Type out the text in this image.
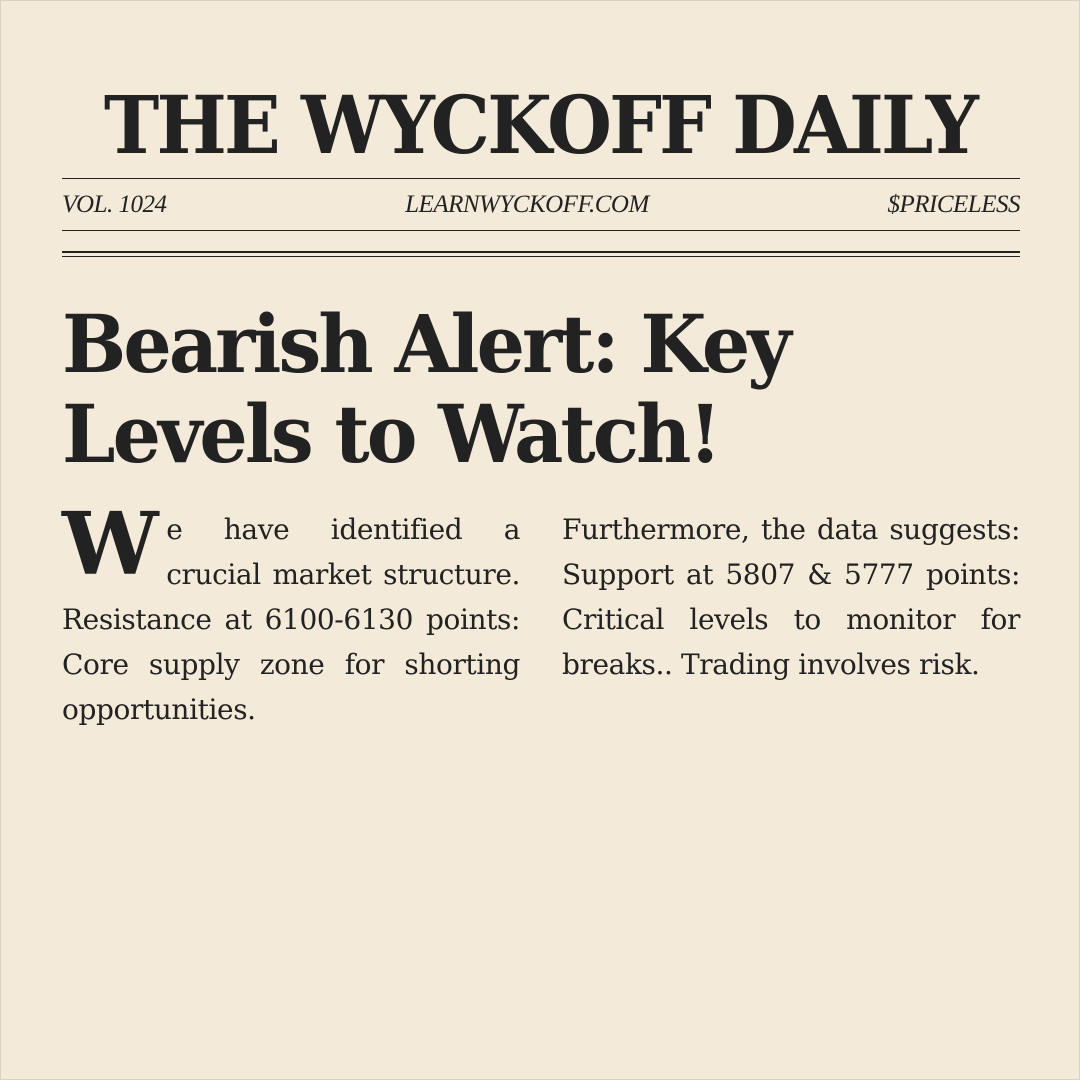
THE WYCKOFF DAILY
VOL. 1024	LEARNWYCKOFF.COM	$PRICELESS
Bearish Alert: Key
Levels to Watch!
We have identified a crucial market structure. Resistance at 6100-6130 points: Core supply zone for shorting opportunities.
Furthermore, the data suggests: Support at 5807 & 5777 points: Critical levels to monitor for breaks.. Trading involves risk.
